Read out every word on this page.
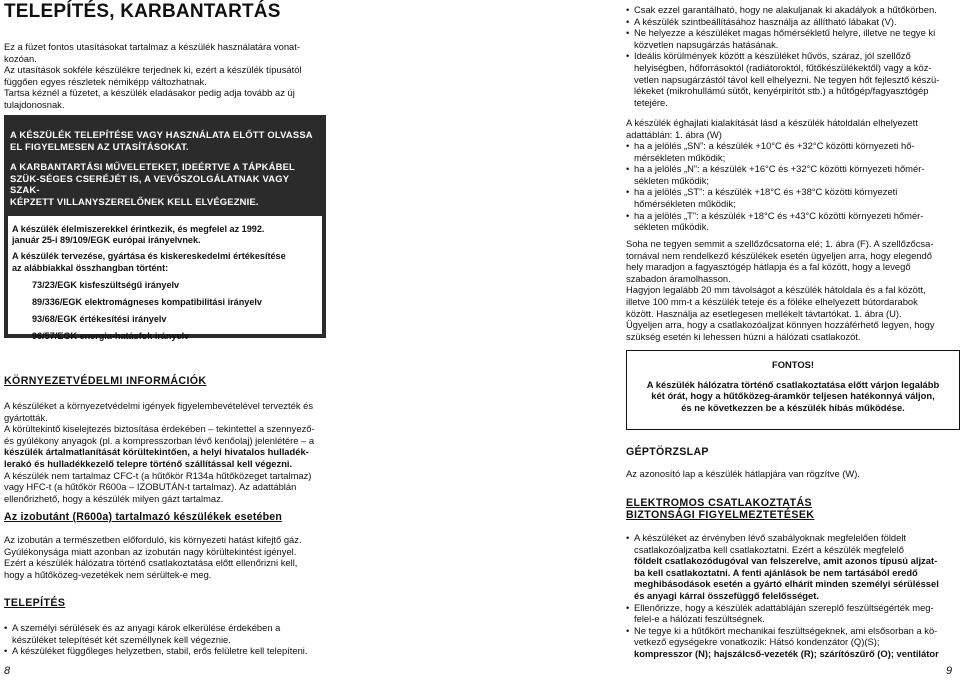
TELEPÍTÉS, KARBANTARTÁS

Ez a füzet fontos utasításokat tartalmaz a készülék használatára vonat-

kozóan.

Az utasítások sokféle készülékre terjednek ki, ezért a készülék típusától

függően egyes részletek némiképp változhatnak.

Tartsa kéznél a füzetet, a készülék eladásakor pedig adja tovább az új

tulajdonosnak.

A KÉSZÜLÉK TELEPÍTÉSE VAGY HASZNÁLATA ELŐTT OLVASSA

EL FIGYELMESEN AZ UTASÍTÁSOKAT.

A KARBANTARTÁSI MŰVELETEKET, IDEÉRTVE A TÁPKÁBEL

SZÜK-SÉGES CSERÉJÉT IS, A VEVŐSZOLGÁLATNAK VAGY SZAK-

KÉPZETT VILLANYSZERELŐNEK KELL ELVÉGEZNIE.

A készülék élelmiszerekkel érintkezik, és megfelel az 1992.
január 25-i 89/109/EGK európai irányelvnek.
A készülék tervezése, gyártása és kiskereskedelmi értékesítése
az alábbiakkal összhangban történt:
73/23/EGK kisfeszültségű irányelv
89/336/EGK elektromágneses kompatibilitási irányelv
93/68/EGK értékesítési irányelv
96/57/EGK energia-hatásfok irányelv
KÖRNYEZETVÉDELMI INFORMÁCIÓK

A készüléket a környezetvédelmi igények figyelembevételével tervezték és

gyártották.

A körültekintő kiselejtezés biztosítása érdekében – tekintettel a szennyező-

és gyúlékony anyagok (pl. a kompresszorban lévő kenőolaj) jelenlétére – a

készülék ártalmatlanítását körültekintően, a helyi hivatalos hulladék-

lerakó és hulladékkezelő telepre történő szállítással kell végezni.

A készülék nem tartalmaz CFC-t (a hűtőkör R134a hűtőközeget tartalmaz)

vagy HFC-t (a hűtőkör R600a – IZOBUTÁN-t tartalmaz). Az adattáblán

ellenőrizhető, hogy a készülék milyen gázt tartalmaz.

Az izobutánt (R600a) tartalmazó készülékek esetében

Az izobután a természetben előforduló, kis környezeti hatást kifejtő gáz.

Gyúlékonysága miatt azonban az izobután nagy körültekintést igényel.

Ezért a készülék hálózatra történő csatlakoztatása előtt ellenőrizni kell,

hogy a hűtőközeg-vezetékek nem sérültek-e meg.

TELEPÍTÉS

• A személyi sérülések és az anyagi károk elkerülése érdekében a

készüléket telepítését két személlynek kell végeznie.

• A készüléket függőleges helyzetben, stabil, erős felületre kell telepíteni.

8

• Csak ezzel garantálható, hogy ne alakuljanak ki akadályok a hűtőkörben.

• A készülék szintbeállításához használja az állítható lábakat (V).

• Ne helyezze a készüléket magas hőmérsékletű helyre, illetve ne tegye ki

közvetlen napsugárzás hatásának.

• Ideális körülmények között a készüléket hűvös, száraz, jól szellőző

helyiségben, hőforrásoktól (radiátoroktól, fűtőkészülékektől) vagy a köz-

vetlen napsugárzástól távol kell elhelyezni. Ne tegyen hőt fejlesztő készü-

lékeket (mikrohullámú sütőt, kenyérpirítót stb.) a hűtőgép/fagyasztógép

tetejére.

A készülék éghajlati kialakítását lásd a készülék hátoldalán elhelyezett

adattáblán: 1. ábra (W)

• ha a jelölés „SN”: a készülék +10°C és +32°C közötti környezeti hő-

mérsékleten működik;

• ha a jelölés „N”: a készülék +16°C és +32°C közötti környezeti hőmér-

sékleten működik;

• ha a jelölés „ST”: a készülék +18°C és +38°C közötti környezeti

hőmérsékleten működik;

• ha a jelölés „T”: a készülék +18°C és +43°C közötti környezeti hőmér-

sékleten működik.

Soha ne tegyen semmit a szellőzőcsatorna elé; 1. ábra (F). A szellőzőcsa-

tornával nem rendelkező készülékek esetén ügyeljen arra, hogy elegendő

hely maradjon a fagyasztógép hátlapja és a fal között, hogy a levegő

szabadon áramolhasson.

Hagyjon legalább 20 mm távolságot a készülék hátoldala és a fal között,

illetve 100 mm-t a készülék teteje és a föléke elhelyezett bútordarabok

között. Használja az esetlegesen mellékelt távtartókat. 1. ábra (U).

Ügyeljen arra, hogy a csatlakozóaljzat könnyen hozzáférhető legyen, hogy

szükség esetén ki lehessen húzni a hálózati csatlakozót.

FONTOS!

A készülék hálózatra történő csatlakoztatása előtt várjon legalább

két órát, hogy a hűtőközeg-áramkör teljesen hatékonnyá váljon,

és ne következzen be a készülék hibás működése.

GÉPTÖRZSLAP
Az azonosító lap a készülék hátlapjára van rögzítve (W).

ELEKTROMOS CSATLAKOZTATÁS

BIZTONSÁGI FIGYELMEZTETÉSEK

• A készüléket az érvényben lévő szabályoknak megfelelően földelt

csatlakozóaljzatba kell csatlakoztatni. Ezért a készülék megfelelő

földelt csatlakozódugóval van felszerelve, amit azonos típusú aljzat-

ba kell csatlakoztatni. A fenti ajánlások be nem tartásából eredő

meghibásodások esetén a gyártó elhárít minden személyi sérüléssel

és anyagi kárral összefüggő felelősséget.

• Ellenőrizze, hogy a készülék adattábláján szereplő feszültségérték meg-

felel-e a hálózati feszültségnek.

• Ne tegye ki a hűtőkört mechanikai feszültségeknek, ami elsősorban a kö-

vetkező egységekre vonatkozik: Hátsó kondenzátor (Q)(S);

kompresszor (N); hajszálcső-vezeték (R); szárítószűrő (O); ventilátor

9
